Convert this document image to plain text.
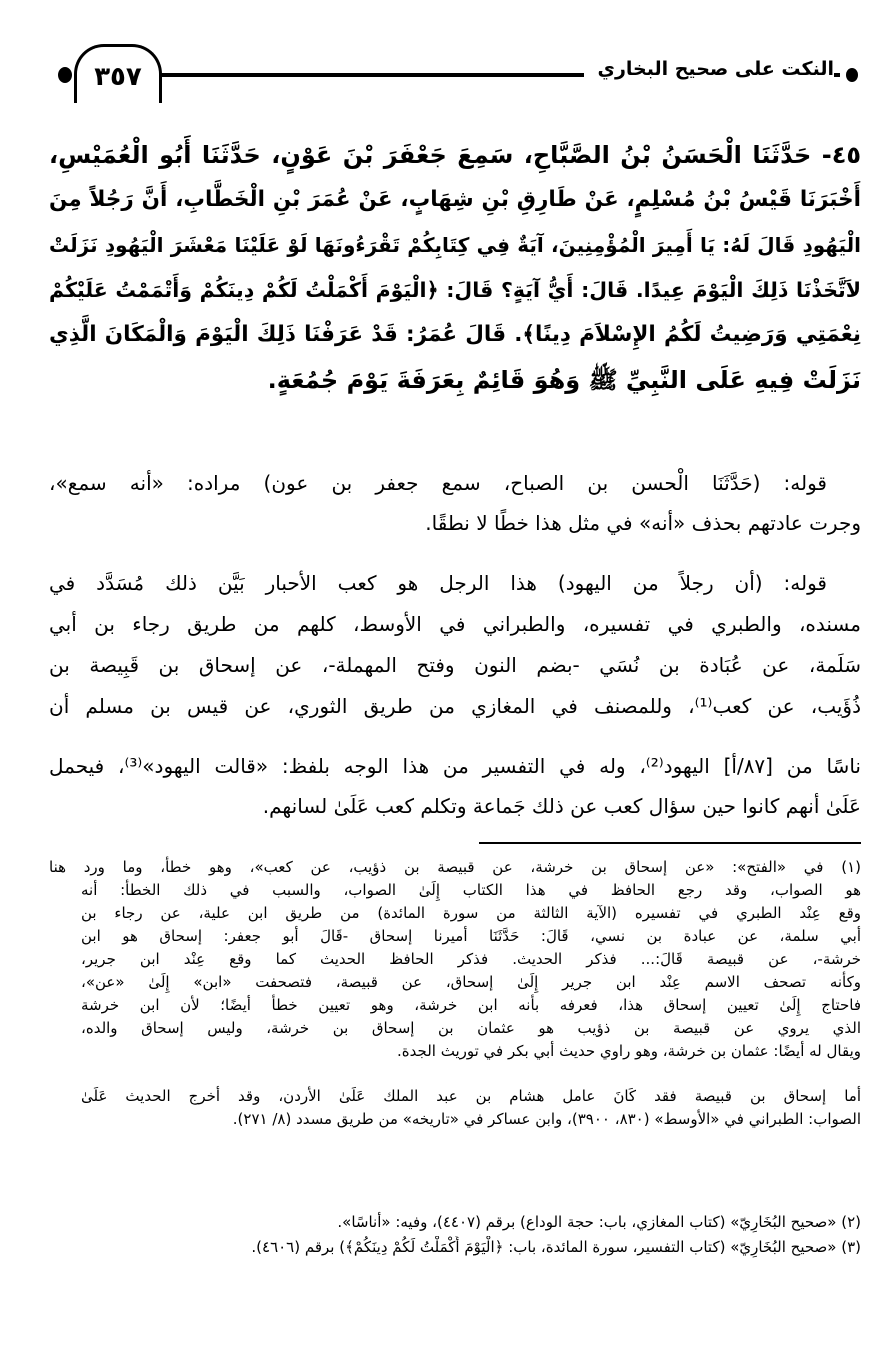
٣٥٧	النكت على صحيح البخاري
٤٥- حَدَّثَنَا الْحَسَنُ بْنُ الصَّبَّاحِ، سَمِعَ جَعْفَرَ بْنَ عَوْنٍ، حَدَّثَنَا أَبُو الْعُمَيْسِ،
أَخْبَرَنَا قَيْسُ بْنُ مُسْلِمٍ، عَنْ طَارِقِ بْنِ شِهَابٍ، عَنْ عُمَرَ بْنِ الْخَطَّابِ، أَنَّ رَجُلاً مِنَ
الْيَهُودِ قَالَ لَهُ: يَا أَمِيرَ الْمُؤْمِنِينَ، آيَةٌ فِي كِتَابِكُمْ تَقْرَءُونَهَا لَوْ عَلَيْنَا مَعْشَرَ الْيَهُودِ نَزَلَتْ
لاَتَّخَذْنَا ذَلِكَ الْيَوْمَ عِيدًا. قَالَ: أَيُّ آيَةٍ؟ قَالَ: ﴿الْيَوْمَ أَكْمَلْتُ لَكُمْ دِينَكُمْ وَأَتْمَمْتُ عَلَيْكُمْ
نِعْمَتِي وَرَضِيتُ لَكُمُ الإِسْلاَمَ دِينًا﴾. قَالَ عُمَرُ: قَدْ عَرَفْنَا ذَلِكَ الْيَوْمَ وَالْمَكَانَ الَّذِي
نَزَلَتْ فِيهِ عَلَى النَّبِيِّ ﷺ وَهُوَ قَائِمٌ بِعَرَفَةَ يَوْمَ جُمُعَةٍ.
قوله: (حَدَّثَنَا الْحسن بن الصباح، سمع جعفر بن عون) مراده: «أنه سمع»،
وجرت عادتهم بحذف «أنه» في مثل هذا خطًا لا نطقًا.
قوله: (أن رجلاً من اليهود) هذا الرجل هو كعب الأحبار بَيَّن ذلك مُسَدَّد في
مسنده، والطبري في تفسيره، والطبراني في الأوسط، كلهم من طريق رجاء بن أبي
سَلَمة، عن عُبَادة بن نُسَي -بضم النون وفتح المهملة-، عن إسحاق بن قَبِيصة بن
ذُؤَيب، عن كعب⁽¹⁾، وللمصنف في المغازي من طريق الثوري، عن قيس بن مسلم أن
ناسًا من [٨٧/أ] اليهود⁽²⁾، وله في التفسير من هذا الوجه بلفظ: «قالت اليهود»⁽³⁾، فيحمل
عَلَىٰ أنهم كانوا حين سؤال كعب عن ذلك جَماعة وتكلم كعب عَلَىٰ لسانهم.
(١) في «الفتح»: «عن إسحاق بن خرشة، عن قبيصة بن ذؤيب، عن كعب»، وهو خطأ، وما ورد هنا
هو الصواب، وقد رجع الحافظ في هذا الكتاب إِلَىٰ الصواب، والسبب في ذلك الخطأ: أنه
وقع عِنْد الطبري في تفسيره (الآية الثالثة من سورة المائدة) من طريق ابن علية، عن رجاء بن
أبي سلمة، عن عبادة بن نسي، قَالَ: حَدَّثَنَا أميرنا إسحاق -قَالَ أبو جعفر: إسحاق هو ابن
خرشة-، عن قبيصة قَالَ:... فذكر الحديث. فذكر الحافظ الحديث كما وقع عِنْد ابن جرير،
وكأنه تصحف الاسم عِنْد ابن جرير إِلَىٰ إسحاق، عن قبيصة، فتصحفت «ابن» إِلَىٰ «عن»،
فاحتاج إِلَىٰ تعيين إسحاق هذا، فعرفه بأنه ابن خرشة، وهو تعيين خطأ أيضًا؛ لأن ابن خرشة
الذي يروي عن قبيصة بن ذؤيب هو عثمان بن إسحاق بن خرشة، وليس إسحاق والده،
ويقال له أيضًا: عثمان بن خرشة، وهو راوي حديث أبي بكر في توريث الجدة.
أما إسحاق بن قبيصة فقد كَانَ عامل هشام بن عبد الملك عَلَىٰ الأردن، وقد أخرج الحديث عَلَىٰ
الصواب: الطبراني في «الأوسط» (٨٣٠، ٣٩٠٠)، وابن عساكر في «تاريخه» من طريق مسدد (٨/ ٢٧١).
(٢) «صحيح البُخَارِيّ» (كتاب المغازي، باب: حجة الوداع) برقم (٤٤٠٧)، وفيه: «أناسًا».
(٣) «صحيح البُخَارِيّ» (كتاب التفسير، سورة المائدة، باب: ﴿الْيَوْمَ أَكْمَلْتُ لَكُمْ دِينَكُمْ﴾) برقم (٤٦٠٦).
